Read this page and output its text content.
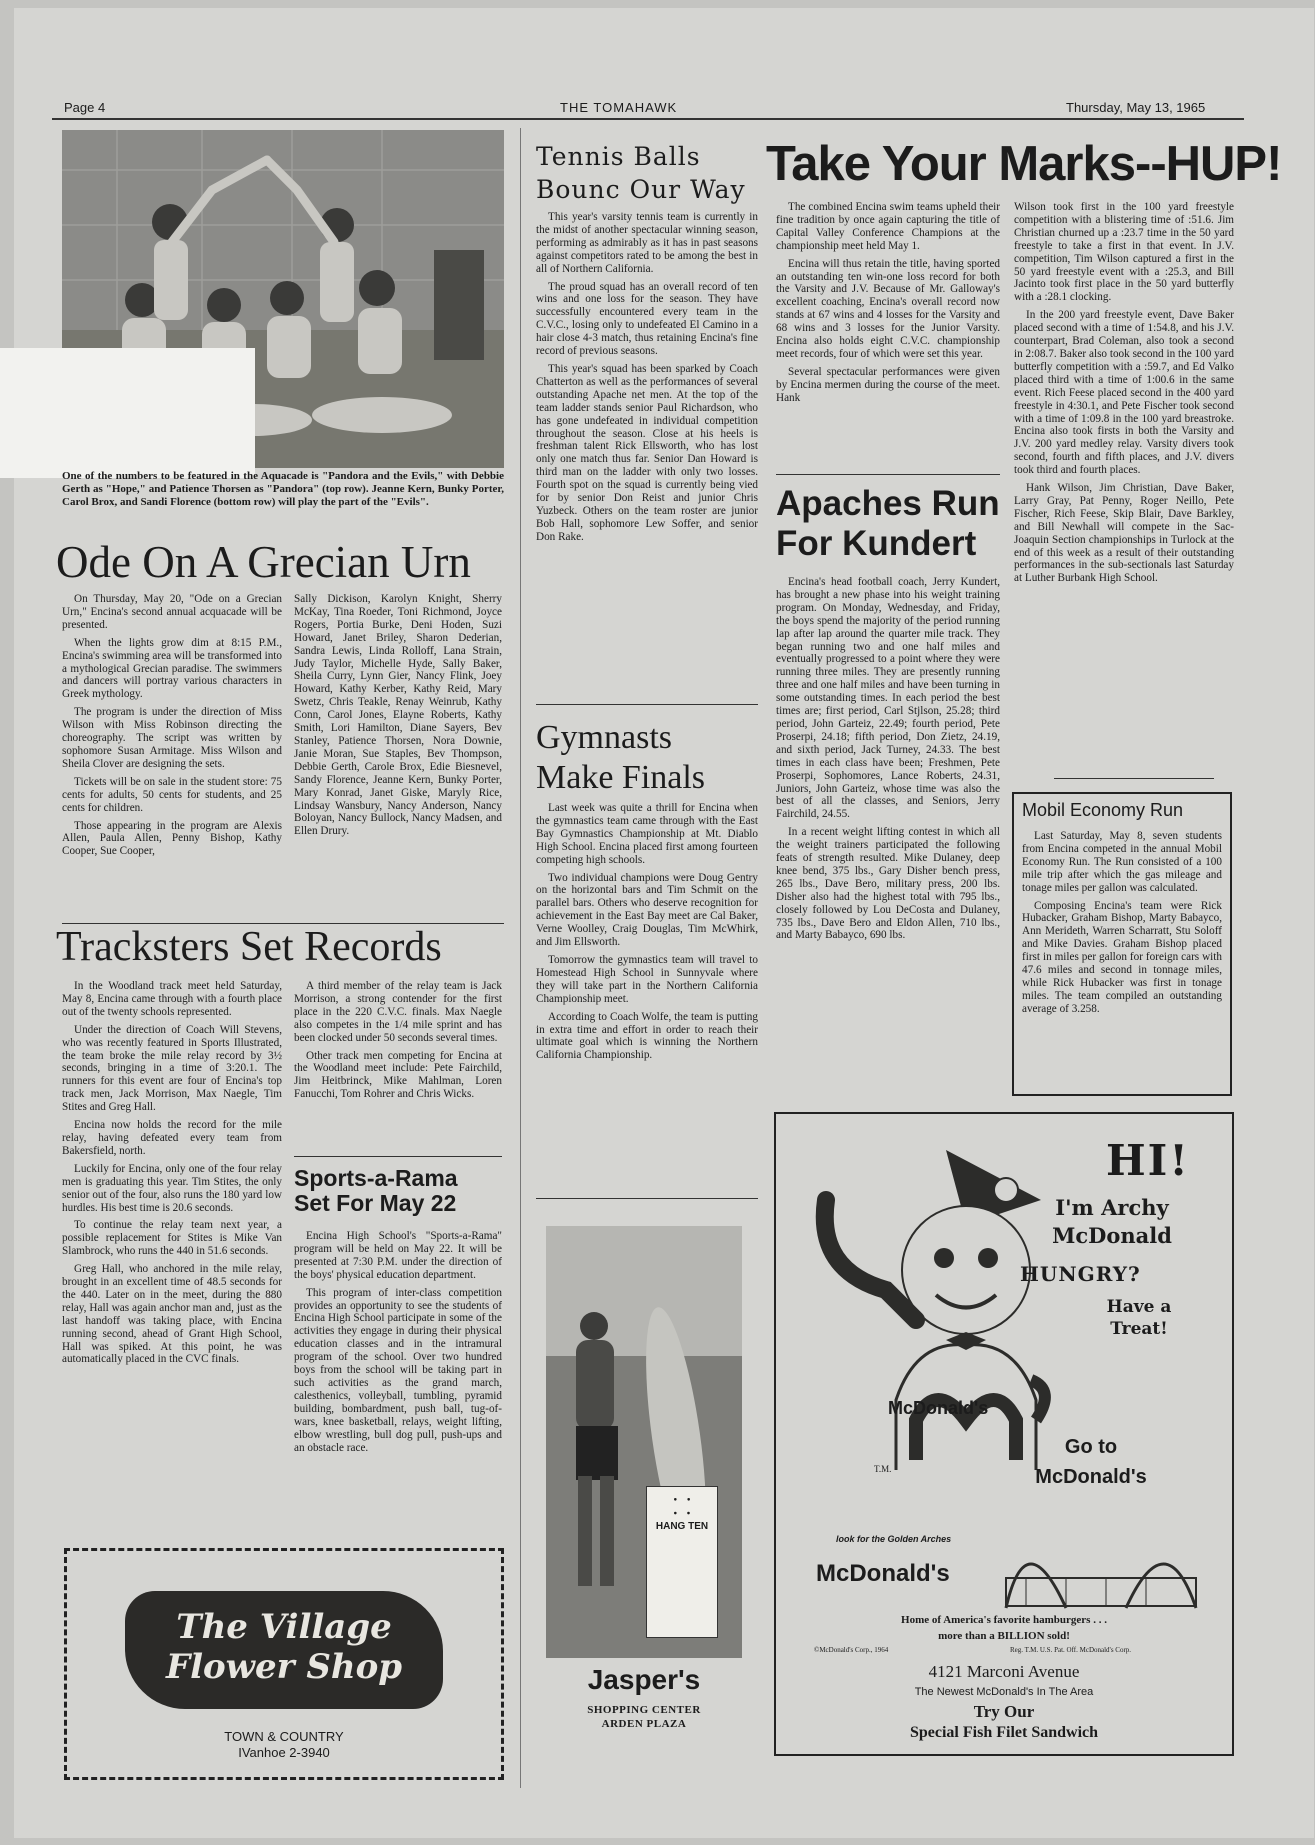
Page 4	THE TOMAHAWK	Thursday, May 13, 1965
One of the numbers to be featured in the Aquacade is "Pandora and the Evils," with Debbie Gerth as "Hope," and Patience Thorsen as "Pandora" (top row). Jeanne Kern, Bunky Porter, Carol Brox, and Sandi Florence (bottom row) will play the part of the "Evils".
Ode On A Grecian Urn

On Thursday, May 20, "Ode on a Grecian Urn," Encina's second annual acquacade will be presented.

When the lights grow dim at 8:15 P.M., Encina's swimming area will be transformed into a mythological Grecian paradise. The swimmers and dancers will portray various characters in Greek mythology.

The program is under the direction of Miss Wilson with Miss Robinson directing the choreography. The script was written by sophomore Susan Armitage. Miss Wilson and Sheila Clover are designing the sets.

Tickets will be on sale in the student store: 75 cents for adults, 50 cents for students, and 25 cents for children.

Those appearing in the program are Alexis Allen, Paula Allen, Penny Bishop, Kathy Cooper, Sue Cooper,

Sally Dickison, Karolyn Knight, Sherry McKay, Tina Roeder, Toni Richmond, Joyce Rogers, Portia Burke, Deni Hoden, Suzi Howard, Janet Briley, Sharon Dederian, Sandra Lewis, Linda Rolloff, Lana Strain, Judy Taylor, Michelle Hyde, Sally Baker, Sheila Curry, Lynn Gier, Nancy Flink, Joey Howard, Kathy Kerber, Kathy Reid, Mary Swetz, Chris Teakle, Renay Weinrub, Kathy Conn, Carol Jones, Elayne Roberts, Kathy Smith, Lori Hamilton, Diane Sayers, Bev Stanley, Patience Thorsen, Nora Downie, Janie Moran, Sue Staples, Bev Thompson, Debbie Gerth, Carole Brox, Edie Biesnevel, Sandy Florence, Jeanne Kern, Bunky Porter, Mary Konrad, Janet Giske, Maryly Rice, Lindsay Wansbury, Nancy Anderson, Nancy Boloyan, Nancy Bullock, Nancy Madsen, and Ellen Drury.

Tracksters Set Records

In the Woodland track meet held Saturday, May 8, Encina came through with a fourth place out of the twenty schools represented.

Under the direction of Coach Will Stevens, who was recently featured in Sports Illustrated, the team broke the mile relay record by 3½ seconds, bringing in a time of 3:20.1. The runners for this event are four of Encina's top track men, Jack Morrison, Max Naegle, Tim Stites and Greg Hall.

Encina now holds the record for the mile relay, having defeated every team from Bakersfield, north.

Luckily for Encina, only one of the four relay men is graduating this year. Tim Stites, the only senior out of the four, also runs the 180 yard low hurdles. His best time is 20.6 seconds.

To continue the relay team next year, a possible replacement for Stites is Mike Van Slambrock, who runs the 440 in 51.6 seconds.

Greg Hall, who anchored in the mile relay, brought in an excellent time of 48.5 seconds for the 440. Later on in the meet, during the 880 relay, Hall was again anchor man and, just as the last handoff was taking place, with Encina running second, ahead of Grant High School, Hall was spiked. At this point, he was automatically placed in the CVC finals.

A third member of the relay team is Jack Morrison, a strong contender for the first place in the 220 C.V.C. finals. Max Naegle also competes in the 1/4 mile sprint and has been clocked under 50 seconds several times.

Other track men competing for Encina at the Woodland meet include: Pete Fairchild, Jim Heitbrinck, Mike Mahlman, Loren Fanucchi, Tom Rohrer and Chris Wicks.

Sports-a-Rama
Set For May 22

Encina High School's "Sports-a-Rama" program will be held on May 22. It will be presented at 7:30 P.M. under the direction of the boys' physical education department.

This program of inter-class competition provides an opportunity to see the students of Encina High School participate in some of the activities they engage in during their physical education classes and in the intramural program of the school. Over two hundred boys from the school will be taking part in such activities as the grand march, calesthenics, volleyball, tumbling, pyramid building, bombardment, push ball, tug-of-wars, knee basketball, relays, weight lifting, elbow wrestling, bull dog pull, push-ups and an obstacle race.

The Village
Flower Shop
TOWN & COUNTRY
IVanhoe 2-3940
Tennis Balls
Bounc Our Way

This year's varsity tennis team is currently in the midst of another spectacular winning season, performing as admirably as it has in past seasons against competitors rated to be among the best in all of Northern California.

The proud squad has an overall record of ten wins and one loss for the season. They have successfully encountered every team in the C.V.C., losing only to undefeated El Camino in a hair close 4-3 match, thus retaining Encina's fine record of previous seasons.

This year's squad has been sparked by Coach Chatterton as well as the performances of several outstanding Apache net men. At the top of the team ladder stands senior Paul Richardson, who has gone undefeated in individual competition throughout the season. Close at his heels is freshman talent Rick Ellsworth, who has lost only one match thus far. Senior Dan Howard is third man on the ladder with only two losses. Fourth spot on the squad is currently being vied for by senior Don Reist and junior Chris Yuzbeck. Others on the team roster are junior Bob Hall, sophomore Lew Soffer, and senior Don Rake.

Gymnasts
Make Finals

Last week was quite a thrill for Encina when the gymnastics team came through with the East Bay Gymnastics Championship at Mt. Diablo High School. Encina placed first among fourteen competing high schools.

Two individual champions were Doug Gentry on the horizontal bars and Tim Schmit on the parallel bars. Others who deserve recognition for achievement in the East Bay meet are Cal Baker, Verne Woolley, Craig Douglas, Tim McWhirk, and Jim Ellsworth.

Tomorrow the gymnastics team will travel to Homestead High School in Sunnyvale where they will take part in the Northern California Championship meet.

According to Coach Wolfe, the team is putting in extra time and effort in order to reach their ultimate goal which is winning the Northern California Championship.

⸬
HANG TEN
Jasper's
SHOPPING CENTER
ARDEN PLAZA
Take Your Marks--HUP!

The combined Encina swim teams upheld their fine tradition by once again capturing the title of Capital Valley Conference Champions at the championship meet held May 1.

Encina will thus retain the title, having sported an outstanding ten win-one loss record for both the Varsity and J.V. Because of Mr. Galloway's excellent coaching, Encina's overall record now stands at 67 wins and 4 losses for the Varsity and 68 wins and 3 losses for the Junior Varsity. Encina also holds eight C.V.C. championship meet records, four of which were set this year.

Several spectacular performances were given by Encina mermen during the course of the meet. Hank

Wilson took first in the 100 yard freestyle competition with a blistering time of :51.6. Jim Christian churned up a :23.7 time in the 50 yard freestyle to take a first in that event. In J.V. competition, Tim Wilson captured a first in the 50 yard freestyle event with a :25.3, and Bill Jacinto took first place in the 50 yard butterfly with a :28.1 clocking.

In the 200 yard freestyle event, Dave Baker placed second with a time of 1:54.8, and his J.V. counterpart, Brad Coleman, also took a second in 2:08.7. Baker also took second in the 100 yard butterfly competition with a :59.7, and Ed Valko placed third with a time of 1:00.6 in the same event. Rich Feese placed second in the 400 yard freestyle in 4:30.1, and Pete Fischer took second with a time of 1:09.8 in the 100 yard breastroke. Encina also took firsts in both the Varsity and J.V. 200 yard medley relay. Varsity divers took second, fourth and fifth places, and J.V. divers took third and fourth places.

Hank Wilson, Jim Christian, Dave Baker, Larry Gray, Pat Penny, Roger Neillo, Pete Fischer, Rich Feese, Skip Blair, Dave Barkley, and Bill Newhall will compete in the Sac-Joaquin Section championships in Turlock at the end of this week as a result of their outstanding performances in the sub-sectionals last Saturday at Luther Burbank High School.

Apaches Run
For Kundert

Encina's head football coach, Jerry Kundert, has brought a new phase into his weight training program. On Monday, Wednesday, and Friday, the boys spend the majority of the period running lap after lap around the quarter mile track. They began running two and one half miles and eventually progressed to a point where they were running three miles. They are presently running three and one half miles and have been turning in some outstanding times. In each period the best times are; first period, Carl Stjlson, 25.28; third period, John Garteiz, 22.49; fourth period, Pete Proserpi, 24.18; fifth period, Don Zietz, 24.19, and sixth period, Jack Turney, 24.33. The best times in each class have been; Freshmen, Pete Proserpi, Sophomores, Lance Roberts, 24.31, Juniors, John Garteiz, whose time was also the best of all the classes, and Seniors, Jerry Fairchild, 24.55.

In a recent weight lifting contest in which all the weight trainers participated the following feats of strength resulted. Mike Dulaney, deep knee bend, 375 lbs., Gary Disher bench press, 265 lbs., Dave Bero, military press, 200 lbs. Disher also had the highest total with 795 lbs., closely followed by Lou DeCosta and Dulaney, 735 lbs., Dave Bero and Eldon Allen, 710 lbs., and Marty Babayco, 690 lbs.

Mobil Economy Run

Last Saturday, May 8, seven students from Encina competed in the annual Mobil Economy Run. The Run consisted of a 100 mile trip after which the gas mileage and tonage miles per gallon was calculated.

Composing Encina's team were Rick Hubacker, Graham Bishop, Marty Babayco, Ann Merideth, Warren Scharratt, Stu Soloff and Mike Davies. Graham Bishop placed first in miles per gallon for foreign cars with 47.6 miles and second in tonnage miles, while Rick Hubacker was first in tonage miles. The team compiled an outstanding average of 3.258.

HI!
I'm Archy
McDonald
HUNGRY?
Have a
Treat!
McDonald's
T.M.
Go to
McDonald's
look for the Golden Arches
McDonald's
Home of America's favorite hamburgers . . .
more than a BILLION sold!
©McDonald's Corp., 1964	Reg. T.M. U.S. Pat. Off. McDonald's Corp.
4121 Marconi Avenue
The Newest McDonald's In The Area
Try Our
Special Fish Filet Sandwich
